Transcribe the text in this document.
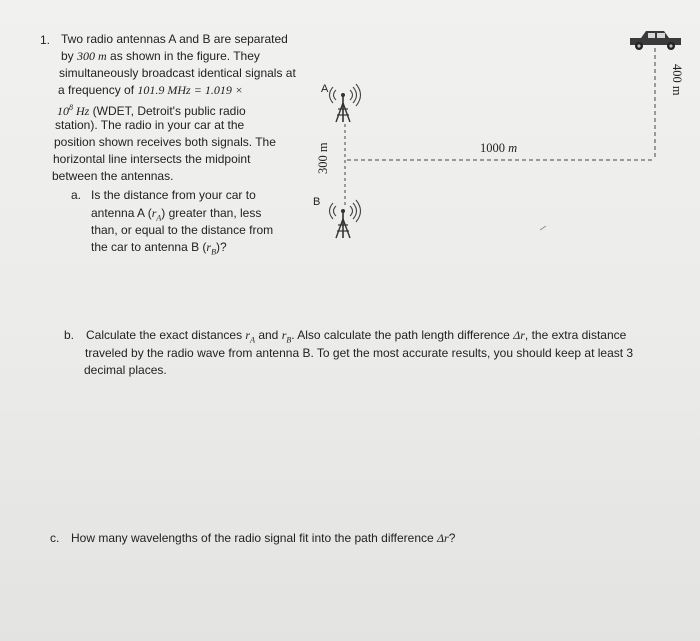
1. Two radio antennas A and B are separated
by 300 m as shown in the figure. They
simultaneously broadcast identical signals at
a frequency of 101.9 MHz = 1.019 ×
$10^8$ Hz (WDET, Detroit's public radio
station). The radio in your car at the
position shown receives both signals. The
horizontal line intersects the midpoint
between the antennas.
a. Is the distance from your car to
antenna A $(r_A)$ greater than, less
than, or equal to the distance from
the car to antenna B $(r_B)$?
A
B
300 m	1000 m
400 m
b. Calculate the exact distances $r_A$ and $r_B$. Also calculate the path length difference Δr, the extra distance
traveled by the radio wave from antenna B. To get the most accurate results, you should keep at least 3
decimal places.
c. How many wavelengths of the radio signal fit into the path difference Δr?
